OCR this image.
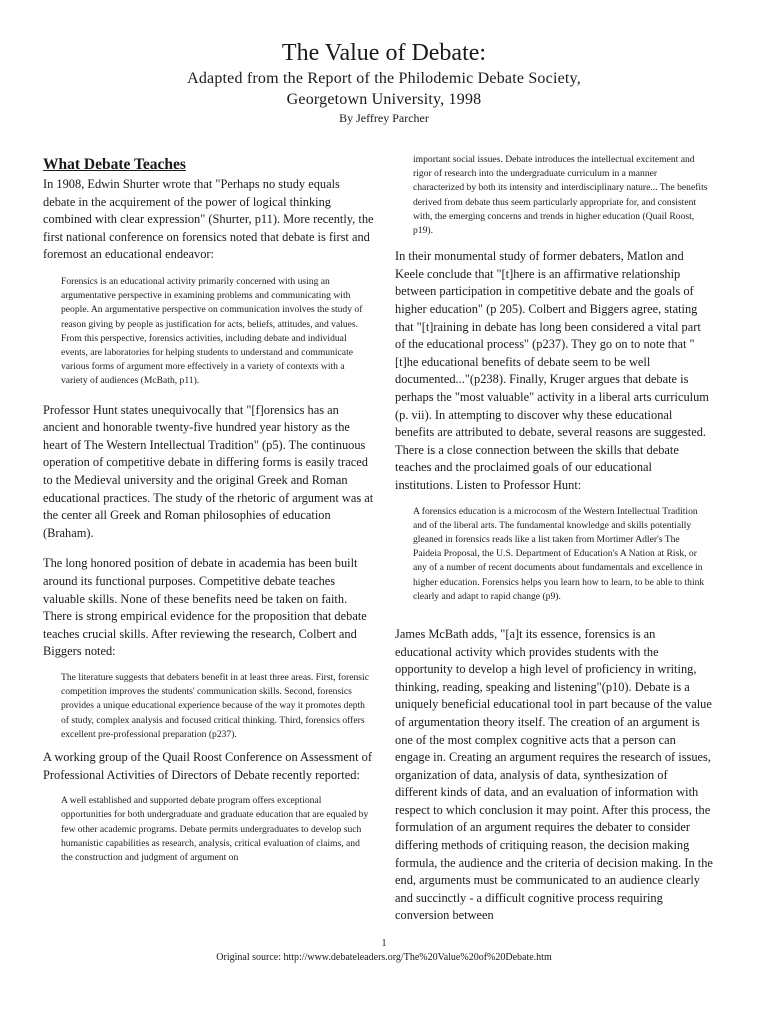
The Value of Debate:
Adapted from the Report of the Philodemic Debate Society,
Georgetown University, 1998
By Jeffrey Parcher
What Debate Teaches

In 1908, Edwin Shurter wrote that "Perhaps no study equals debate in the acquirement of the power of logical thinking combined with clear expression" (Shurter, p11). More recently, the first national conference on forensics noted that debate is first and foremost an educational endeavor:

Forensics is an educational activity primarily concerned with using an argumentative perspective in examining problems and communicating with people. An argumentative perspective on communication involves the study of reason giving by people as justification for acts, beliefs, attitudes, and values. From this perspective, forensics activities, including debate and individual events, are laboratories for helping students to understand and communicate various forms of argument more effectively in a variety of contexts with a variety of audiences (McBath, p11).

Professor Hunt states unequivocally that "[f]orensics has an ancient and honorable twenty-five hundred year history as the heart of The Western Intellectual Tradition" (p5). The continuous operation of competitive debate in differing forms is easily traced to the Medieval university and the original Greek and Roman educational practices. The study of the rhetoric of argument was at the center all Greek and Roman philosophies of education (Braham).

The long honored position of debate in academia has been built around its functional purposes. Competitive debate teaches valuable skills. None of these benefits need be taken on faith. There is strong empirical evidence for the proposition that debate teaches crucial skills. After reviewing the research, Colbert and Biggers noted:

The literature suggests that debaters benefit in at least three areas. First, forensic competition improves the students' communication skills. Second, forensics provides a unique educational experience because of the way it promotes depth of study, complex analysis and focused critical thinking. Third, forensics offers excellent pre-professional preparation (p237).

A working group of the Quail Roost Conference on Assessment of Professional Activities of Directors of Debate recently reported:

A well established and supported debate program offers exceptional opportunities for both undergraduate and graduate education that are equaled by few other academic programs. Debate permits undergraduates to develop such humanistic capabilities as research, analysis, critical evaluation of claims, and the construction and judgment of argument on

important social issues. Debate introduces the intellectual excitement and rigor of research into the undergraduate curriculum in a manner characterized by both its intensity and interdisciplinary nature... The benefits derived from debate thus seem particularly appropriate for, and consistent with, the emerging concerns and trends in higher education (Quail Roost, p19).

In their monumental study of former debaters, Matlon and Keele conclude that "[t]here is an affirmative relationship between participation in competitive debate and the goals of higher education" (p 205). Colbert and Biggers agree, stating that "[t]raining in debate has long been considered a vital part of the educational process" (p237). They go on to note that "[t]he educational benefits of debate seem to be well documented..."(p238). Finally, Kruger argues that debate is perhaps the "most valuable" activity in a liberal arts curriculum (p. vii). In attempting to discover why these educational benefits are attributed to debate, several reasons are suggested. There is a close connection between the skills that debate teaches and the proclaimed goals of our educational institutions. Listen to Professor Hunt:

A forensics education is a microcosm of the Western Intellectual Tradition and of the liberal arts. The fundamental knowledge and skills potentially gleaned in forensics reads like a list taken from Mortimer Adler's The Paideia Proposal, the U.S. Department of Education's A Nation at Risk, or any of a number of recent documents about fundamentals and excellence in higher education. Forensics helps you learn how to learn, to be able to think clearly and adapt to rapid change (p9).

James McBath adds, "[a]t its essence, forensics is an educational activity which provides students with the opportunity to develop a high level of proficiency in writing, thinking, reading, speaking and listening"(p10). Debate is a uniquely beneficial educational tool in part because of the value of argumentation theory itself. The creation of an argument is one of the most complex cognitive acts that a person can engage in. Creating an argument requires the research of issues, organization of data, analysis of data, synthesization of different kinds of data, and an evaluation of information with respect to which conclusion it may point. After this process, the formulation of an argument requires the debater to consider differing methods of critiquing reason, the decision making formula, the audience and the criteria of decision making. In the end, arguments must be communicated to an audience clearly and succinctly - a difficult cognitive process requiring conversion between

1
Original source: http://www.debateleaders.org/The%20Value%20of%20Debate.htm
